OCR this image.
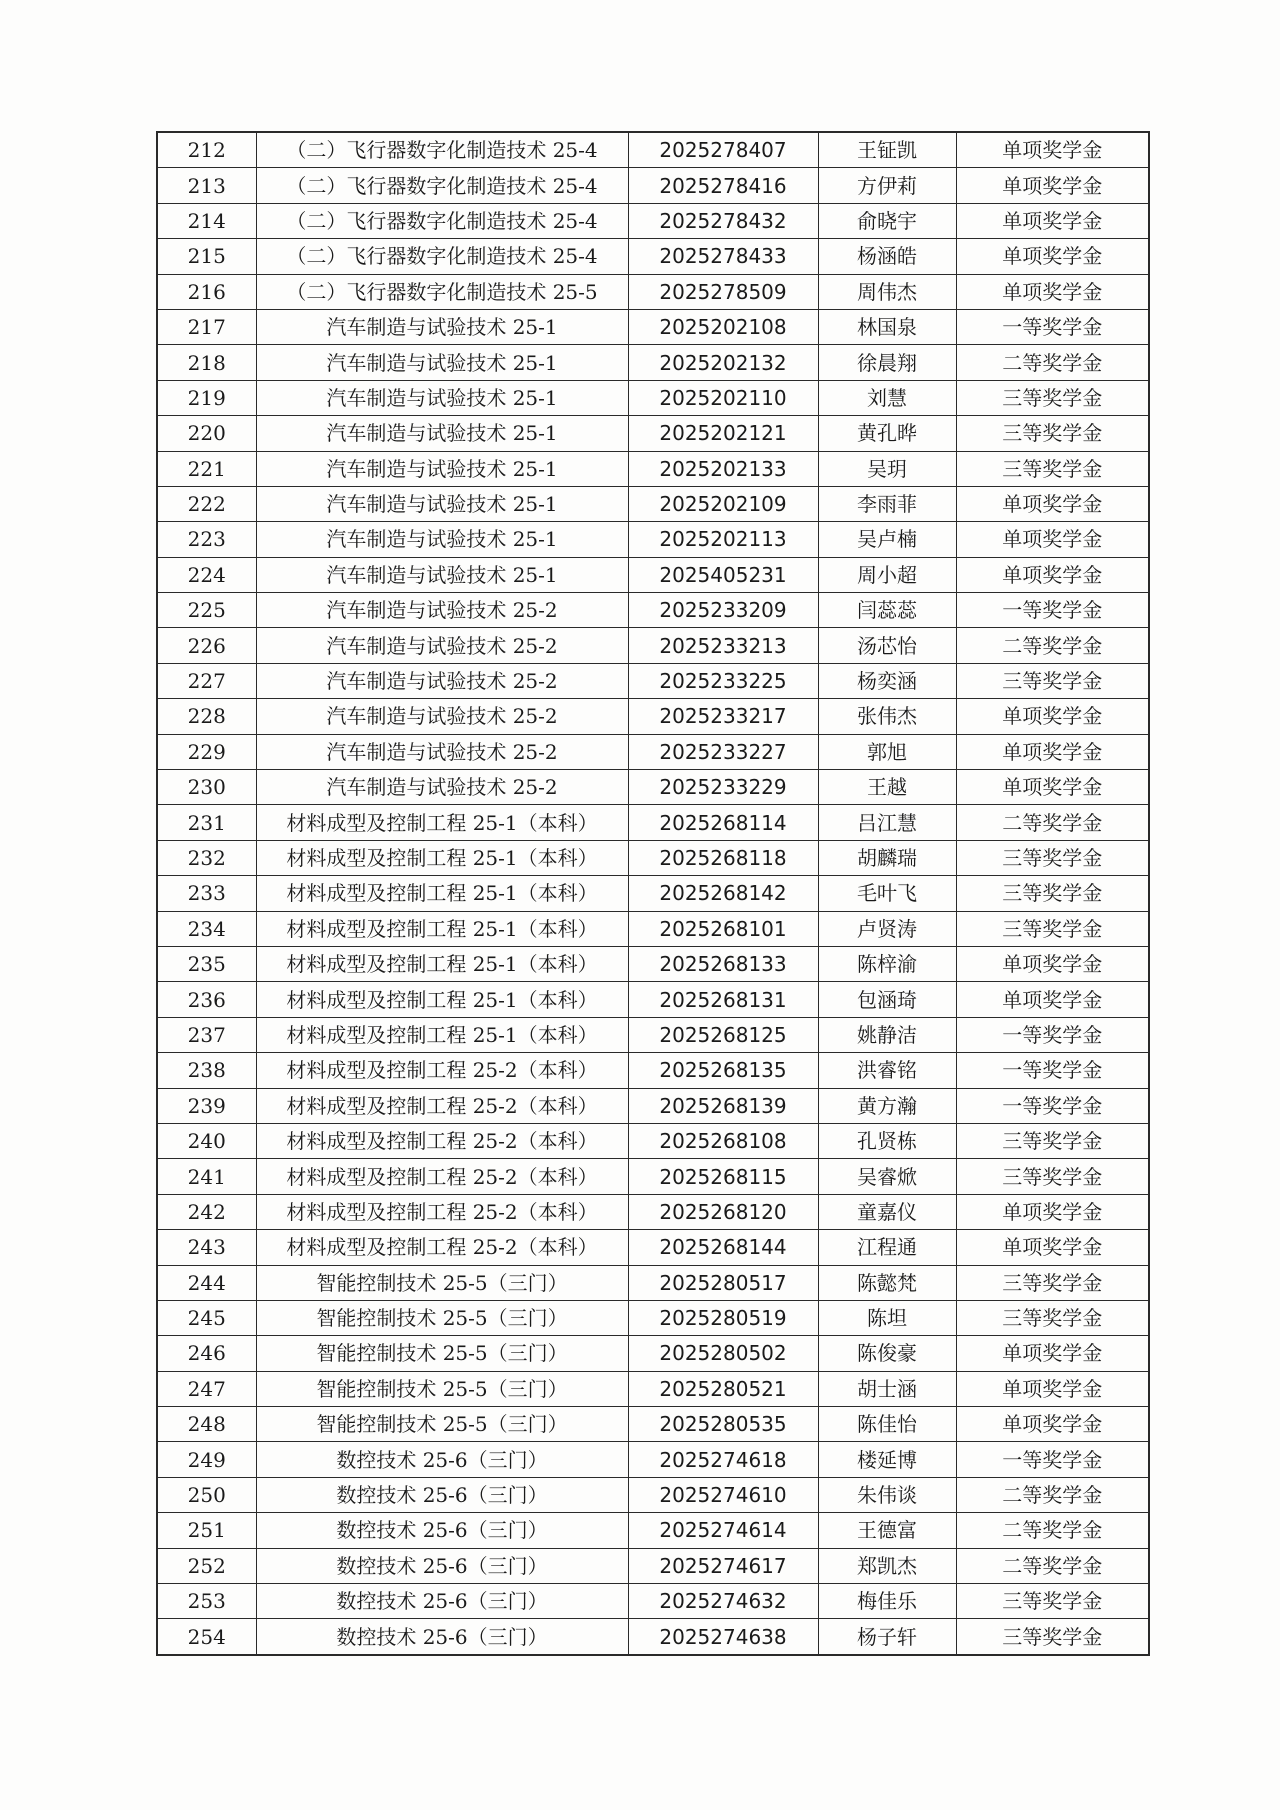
212	（二）飞行器数字化制造技术 25-4	2025278407	王钲凯	单项奖学金
213	（二）飞行器数字化制造技术 25-4	2025278416	方伊莉	单项奖学金
214	（二）飞行器数字化制造技术 25-4	2025278432	俞晓宇	单项奖学金
215	（二）飞行器数字化制造技术 25-4	2025278433	杨涵皓	单项奖学金
216	（二）飞行器数字化制造技术 25-5	2025278509	周伟杰	单项奖学金
217	汽车制造与试验技术 25-1	2025202108	林国泉	一等奖学金
218	汽车制造与试验技术 25-1	2025202132	徐晨翔	二等奖学金
219	汽车制造与试验技术 25-1	2025202110	刘慧	三等奖学金
220	汽车制造与试验技术 25-1	2025202121	黄孔晔	三等奖学金
221	汽车制造与试验技术 25-1	2025202133	吴玥	三等奖学金
222	汽车制造与试验技术 25-1	2025202109	李雨菲	单项奖学金
223	汽车制造与试验技术 25-1	2025202113	吴卢楠	单项奖学金
224	汽车制造与试验技术 25-1	2025405231	周小超	单项奖学金
225	汽车制造与试验技术 25-2	2025233209	闫蕊蕊	一等奖学金
226	汽车制造与试验技术 25-2	2025233213	汤芯怡	二等奖学金
227	汽车制造与试验技术 25-2	2025233225	杨奕涵	三等奖学金
228	汽车制造与试验技术 25-2	2025233217	张伟杰	单项奖学金
229	汽车制造与试验技术 25-2	2025233227	郭旭	单项奖学金
230	汽车制造与试验技术 25-2	2025233229	王越	单项奖学金
231	材料成型及控制工程 25-1（本科）	2025268114	吕江慧	二等奖学金
232	材料成型及控制工程 25-1（本科）	2025268118	胡麟瑞	三等奖学金
233	材料成型及控制工程 25-1（本科）	2025268142	毛叶飞	三等奖学金
234	材料成型及控制工程 25-1（本科）	2025268101	卢贤涛	三等奖学金
235	材料成型及控制工程 25-1（本科）	2025268133	陈梓渝	单项奖学金
236	材料成型及控制工程 25-1（本科）	2025268131	包涵琦	单项奖学金
237	材料成型及控制工程 25-1（本科）	2025268125	姚静洁	一等奖学金
238	材料成型及控制工程 25-2（本科）	2025268135	洪睿铭	一等奖学金
239	材料成型及控制工程 25-2（本科）	2025268139	黄方瀚	一等奖学金
240	材料成型及控制工程 25-2（本科）	2025268108	孔贤栋	三等奖学金
241	材料成型及控制工程 25-2（本科）	2025268115	吴睿焮	三等奖学金
242	材料成型及控制工程 25-2（本科）	2025268120	童嘉仪	单项奖学金
243	材料成型及控制工程 25-2（本科）	2025268144	江程通	单项奖学金
244	智能控制技术 25-5（三门）	2025280517	陈懿梵	三等奖学金
245	智能控制技术 25-5（三门）	2025280519	陈坦	三等奖学金
246	智能控制技术 25-5（三门）	2025280502	陈俊豪	单项奖学金
247	智能控制技术 25-5（三门）	2025280521	胡士涵	单项奖学金
248	智能控制技术 25-5（三门）	2025280535	陈佳怡	单项奖学金
249	数控技术 25-6（三门）	2025274618	楼延博	一等奖学金
250	数控技术 25-6（三门）	2025274610	朱伟谈	二等奖学金
251	数控技术 25-6（三门）	2025274614	王德富	二等奖学金
252	数控技术 25-6（三门）	2025274617	郑凯杰	二等奖学金
253	数控技术 25-6（三门）	2025274632	梅佳乐	三等奖学金
254	数控技术 25-6（三门）	2025274638	杨子轩	三等奖学金
